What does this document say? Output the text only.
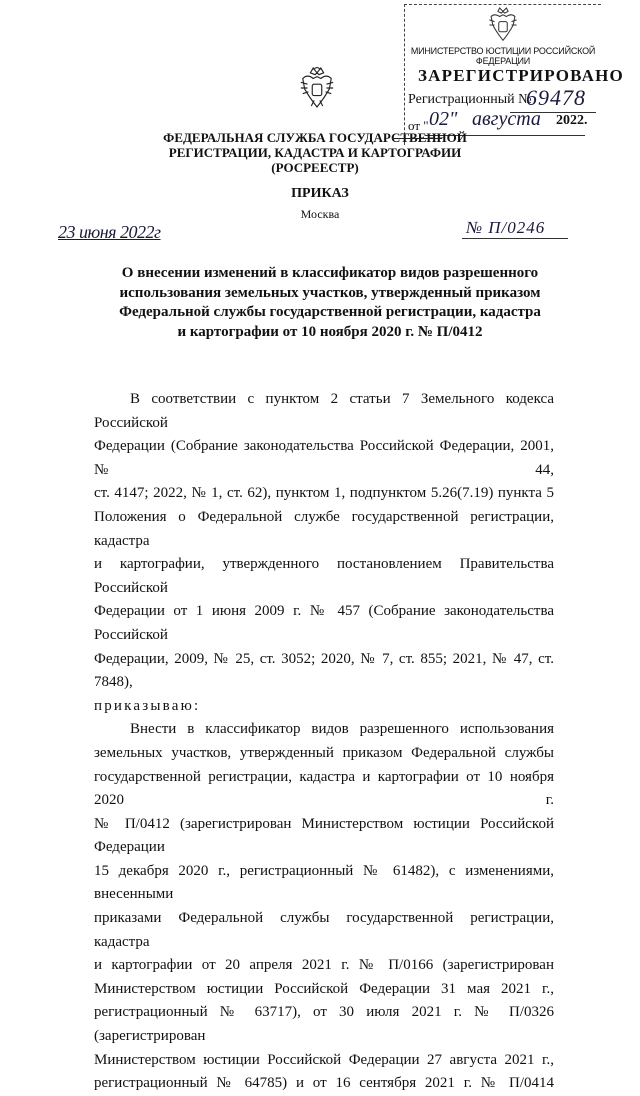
МИНИСТЕРСТВО ЮСТИЦИИ РОССИЙСКОЙ ФЕДЕРАЦИИ
ЗАРЕГИСТРИРОВАНО
Регистрационный №
69478
от " 02" августа 2022.
ФЕДЕРАЛЬНАЯ СЛУЖБА ГОСУДАРСТВЕННОЙ
РЕГИСТРАЦИИ, КАДАСТРА И КАРТОГРАФИИ
(РОСРЕЕСТР)
ПРИКАЗ
Москва
23 июня 2022г	№ П/0246
О внесении изменений в классификатор видов разрешенного
использования земельных участков, утвержденный приказом
Федеральной службы государственной регистрации, кадастра
и картографии от 10 ноября 2020 г. № П/0412

В соответствии с пунктом 2 статьи 7 Земельного кодекса Российской

Федерации (Собрание законодательства Российской Федерации, 2001, № 44,

ст. 4147; 2022, № 1, ст. 62), пунктом 1, подпунктом 5.26(7.19) пункта 5

Положения о Федеральной службе государственной регистрации, кадастра

и картографии, утвержденного постановлением Правительства Российской

Федерации от 1 июня 2009 г. № 457 (Собрание законодательства Российской

Федерации, 2009, № 25, ст. 3052; 2020, № 7, ст. 855; 2021, № 47, ст. 7848),

приказываю:

Внести в классификатор видов разрешенного использования

земельных участков, утвержденный приказом Федеральной службы

государственной регистрации, кадастра и картографии от 10 ноября 2020 г.

№ П/0412 (зарегистрирован Министерством юстиции Российской Федерации

15 декабря 2020 г., регистрационный № 61482), с изменениями, внесенными

приказами Федеральной службы государственной регистрации, кадастра

и картографии от 20 апреля 2021 г. № П/0166 (зарегистрирован

Министерством юстиции Российской Федерации 31 мая 2021 г.,

регистрационный № 63717), от 30 июля 2021 г. № П/0326 (зарегистрирован

Министерством юстиции Российской Федерации 27 августа 2021 г.,

регистрационный № 64785) и от 16 сентября 2021 г. № П/0414
